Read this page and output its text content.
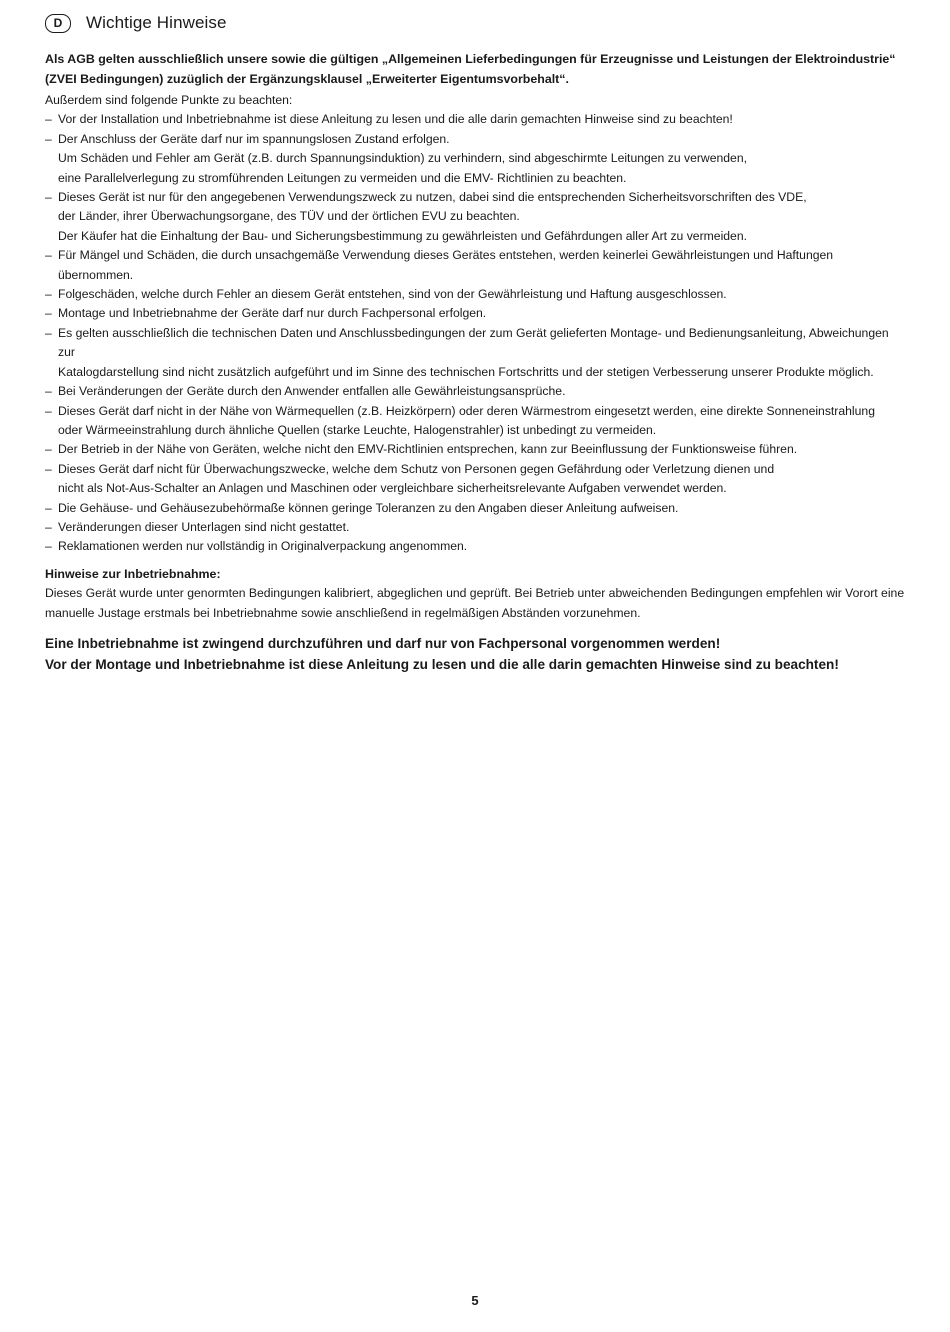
D	Wichtige Hinweise

Als AGB gelten ausschließlich unsere sowie die gültigen „Allgemeinen Lieferbedingungen für Erzeugnisse und Leistungen der Elektroindustrie“ (ZVEI Bedingungen) zuzüglich der Ergänzungsklausel „Erweiterter Eigentumsvorbehalt“.

Außerdem sind folgende Punkte zu beachten:

– Vor der Installation und Inbetriebnahme ist diese Anleitung zu lesen und die alle darin gemachten Hinweise sind zu beachten!
– Der Anschluss der Geräte darf nur im spannungslosen Zustand erfolgen.
Um Schäden und Fehler am Gerät (z.B. durch Spannungsinduktion) zu verhindern, sind abgeschirmte Leitungen zu verwenden,
eine Parallelverlegung zu stromführenden Leitungen zu vermeiden und die EMV- Richtlinien zu beachten.
– Dieses Gerät ist nur für den angegebenen Verwendungszweck zu nutzen, dabei sind die entsprechenden Sicherheitsvorschriften des VDE,
der Länder, ihrer Überwachungsorgane, des TÜV und der örtlichen EVU zu beachten.
Der Käufer hat die Einhaltung der Bau- und Sicherungsbestimmung zu gewährleisten und Gefährdungen aller Art zu vermeiden.
– Für Mängel und Schäden, die durch unsachgemäße Verwendung dieses Gerätes entstehen, werden keinerlei Gewährleistungen und Haftungen übernommen.
– Folgeschäden, welche durch Fehler an diesem Gerät entstehen, sind von der Gewährleistung und Haftung ausgeschlossen.
– Montage und Inbetriebnahme der Geräte darf nur durch Fachpersonal erfolgen.
– Es gelten ausschließlich die technischen Daten und Anschlussbedingungen der zum Gerät gelieferten Montage- und Bedienungsanleitung, Abweichungen zur
Katalogdarstellung sind nicht zusätzlich aufgeführt und im Sinne des technischen Fortschritts und der stetigen Verbesserung unserer Produkte möglich.
– Bei Veränderungen der Geräte durch den Anwender entfallen alle Gewährleistungsansprüche.
– Dieses Gerät darf nicht in der Nähe von Wärmequellen (z.B. Heizkörpern) oder deren Wärmestrom eingesetzt werden, eine direkte Sonneneinstrahlung
oder Wärmeeinstrahlung durch ähnliche Quellen (starke Leuchte, Halogenstrahler) ist unbedingt zu vermeiden.
– Der Betrieb in der Nähe von Geräten, welche nicht den EMV-Richtlinien entsprechen, kann zur Beeinflussung der Funktionsweise führen.
– Dieses Gerät darf nicht für Überwachungszwecke, welche dem Schutz von Personen gegen Gefährdung oder Verletzung dienen und
nicht als Not-Aus-Schalter an Anlagen und Maschinen oder vergleichbare sicherheitsrelevante Aufgaben verwendet werden.
– Die Gehäuse- und Gehäusezubehörmaße können geringe Toleranzen zu den Angaben dieser Anleitung aufweisen.
– Veränderungen dieser Unterlagen sind nicht gestattet.
– Reklamationen werden nur vollständig in Originalverpackung angenommen.
Hinweise zur Inbetriebnahme:

Dieses Gerät wurde unter genormten Bedingungen kalibriert, abgeglichen und geprüft. Bei Betrieb unter abweichenden Bedingungen empfehlen wir Vorort eine manuelle Justage erstmals bei Inbetriebnahme sowie anschließend in regelmäßigen Abständen vorzunehmen.

Eine Inbetriebnahme ist zwingend durchzuführen und darf nur von Fachpersonal vorgenommen werden!
Vor der Montage und Inbetriebnahme ist diese Anleitung zu lesen und die alle darin gemachten Hinweise sind zu beachten!
5
